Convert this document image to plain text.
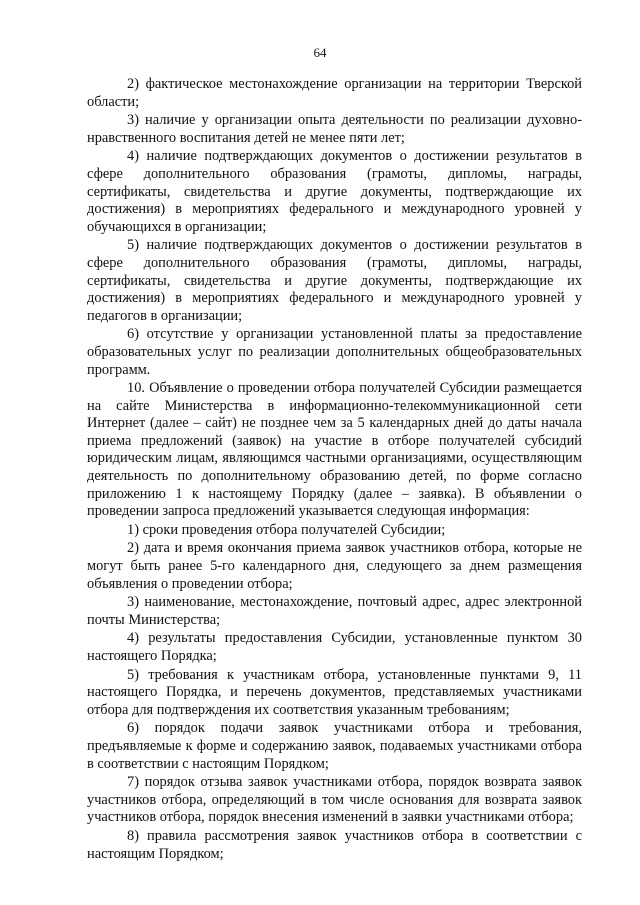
64

2) фактическое местонахождение организации на территории Тверской области;

3) наличие у организации опыта деятельности по реализации духовно-нравственного воспитания детей не менее пяти лет;

4) наличие подтверждающих документов о достижении результатов в сфере дополнительного образования (грамоты, дипломы, награды, сертификаты, свидетельства и другие документы, подтверждающие их достижения) в мероприятиях федерального и международного уровней у обучающихся в организации;

5) наличие подтверждающих документов о достижении результатов в сфере дополнительного образования (грамоты, дипломы, награды, сертификаты, свидетельства и другие документы, подтверждающие их достижения) в мероприятиях федерального и международного уровней у педагогов в организации;

6) отсутствие у организации установленной платы за предоставление образовательных услуг по реализации дополнительных общеобразовательных программ.

10. Объявление о проведении отбора получателей Субсидии размещается на сайте Министерства в информационно-телекоммуникационной сети Интернет (далее – сайт) не позднее чем за 5 календарных дней до даты начала приема предложений (заявок) на участие в отборе получателей субсидий юридическим лицам, являющимся частными организациями, осуществляющим деятельность по дополнительному образованию детей, по форме согласно приложению 1 к настоящему Порядку (далее – заявка). В объявлении о проведении запроса предложений указывается следующая информация:

1) сроки проведения отбора получателей Субсидии;

2) дата и время окончания приема заявок участников отбора, которые не могут быть ранее 5-го календарного дня, следующего за днем размещения объявления о проведении отбора;

3) наименование, местонахождение, почтовый адрес, адрес электронной почты Министерства;

4) результаты предоставления Субсидии, установленные пунктом 30 настоящего Порядка;

5) требования к участникам отбора, установленные пунктами 9, 11 настоящего Порядка, и перечень документов, представляемых участниками отбора для подтверждения их соответствия указанным требованиям;

6) порядок подачи заявок участниками отбора и требования, предъявляемые к форме и содержанию заявок, подаваемых участниками отбора в соответствии с настоящим Порядком;

7) порядок отзыва заявок участниками отбора, порядок возврата заявок участников отбора, определяющий в том числе основания для возврата заявок участников отбора, порядок внесения изменений в заявки участниками отбора;

8) правила рассмотрения заявок участников отбора в соответствии с настоящим Порядком;
